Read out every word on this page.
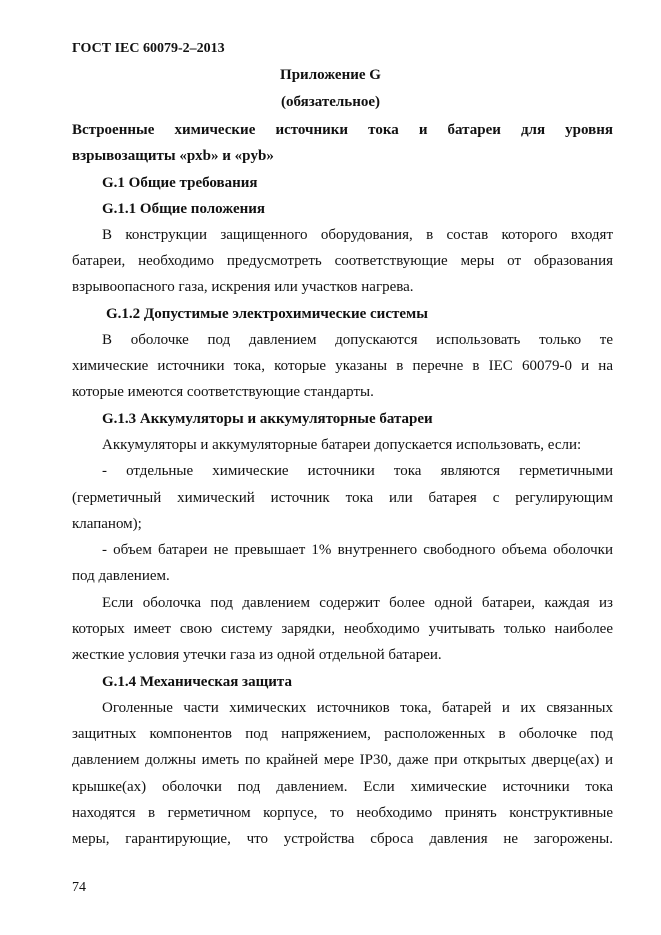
ГОСТ IEC 60079-2–2013
Приложение G
(обязательное)
Встроенные химические источники тока и батареи для уровня
взрывозащиты «pxb» и «pyb»
G.1 Общие требования
G.1.1 Общие положения
В конструкции защищенного оборудования, в состав которого входят
батареи, необходимо предусмотреть соответствующие меры от образования
взрывоопасного газа, искрения или участков нагрева.
G.1.2 Допустимые электрохимические системы
В оболочке под давлением допускаются использовать только те
химические источники тока, которые указаны в перечне в IEC 60079-0 и на
которые имеются соответствующие стандарты.
G.1.3 Аккумуляторы и аккумуляторные батареи
Аккумуляторы и аккумуляторные батареи допускается использовать, если:
- отдельные химические источники тока являются герметичными
(герметичный химический источник тока или батарея с регулирующим
клапаном);
- объем батареи не превышает 1% внутреннего свободного объема оболочки
под давлением.
Если оболочка под давлением содержит более одной батареи, каждая из
которых имеет свою систему зарядки, необходимо учитывать только наиболее
жесткие условия утечки газа из одной отдельной батареи.
G.1.4 Механическая защита
Оголенные части химических источников тока, батарей и их связанных
защитных компонентов под напряжением, расположенных в оболочке под
давлением должны иметь по крайней мере IP30, даже при открытых дверце(ах) и
крышке(ах) оболочки под давлением. Если химические источники тока
находятся в герметичном корпусе, то необходимо принять конструктивные
меры, гарантирующие, что устройства сброса давления не загорожены.
74
